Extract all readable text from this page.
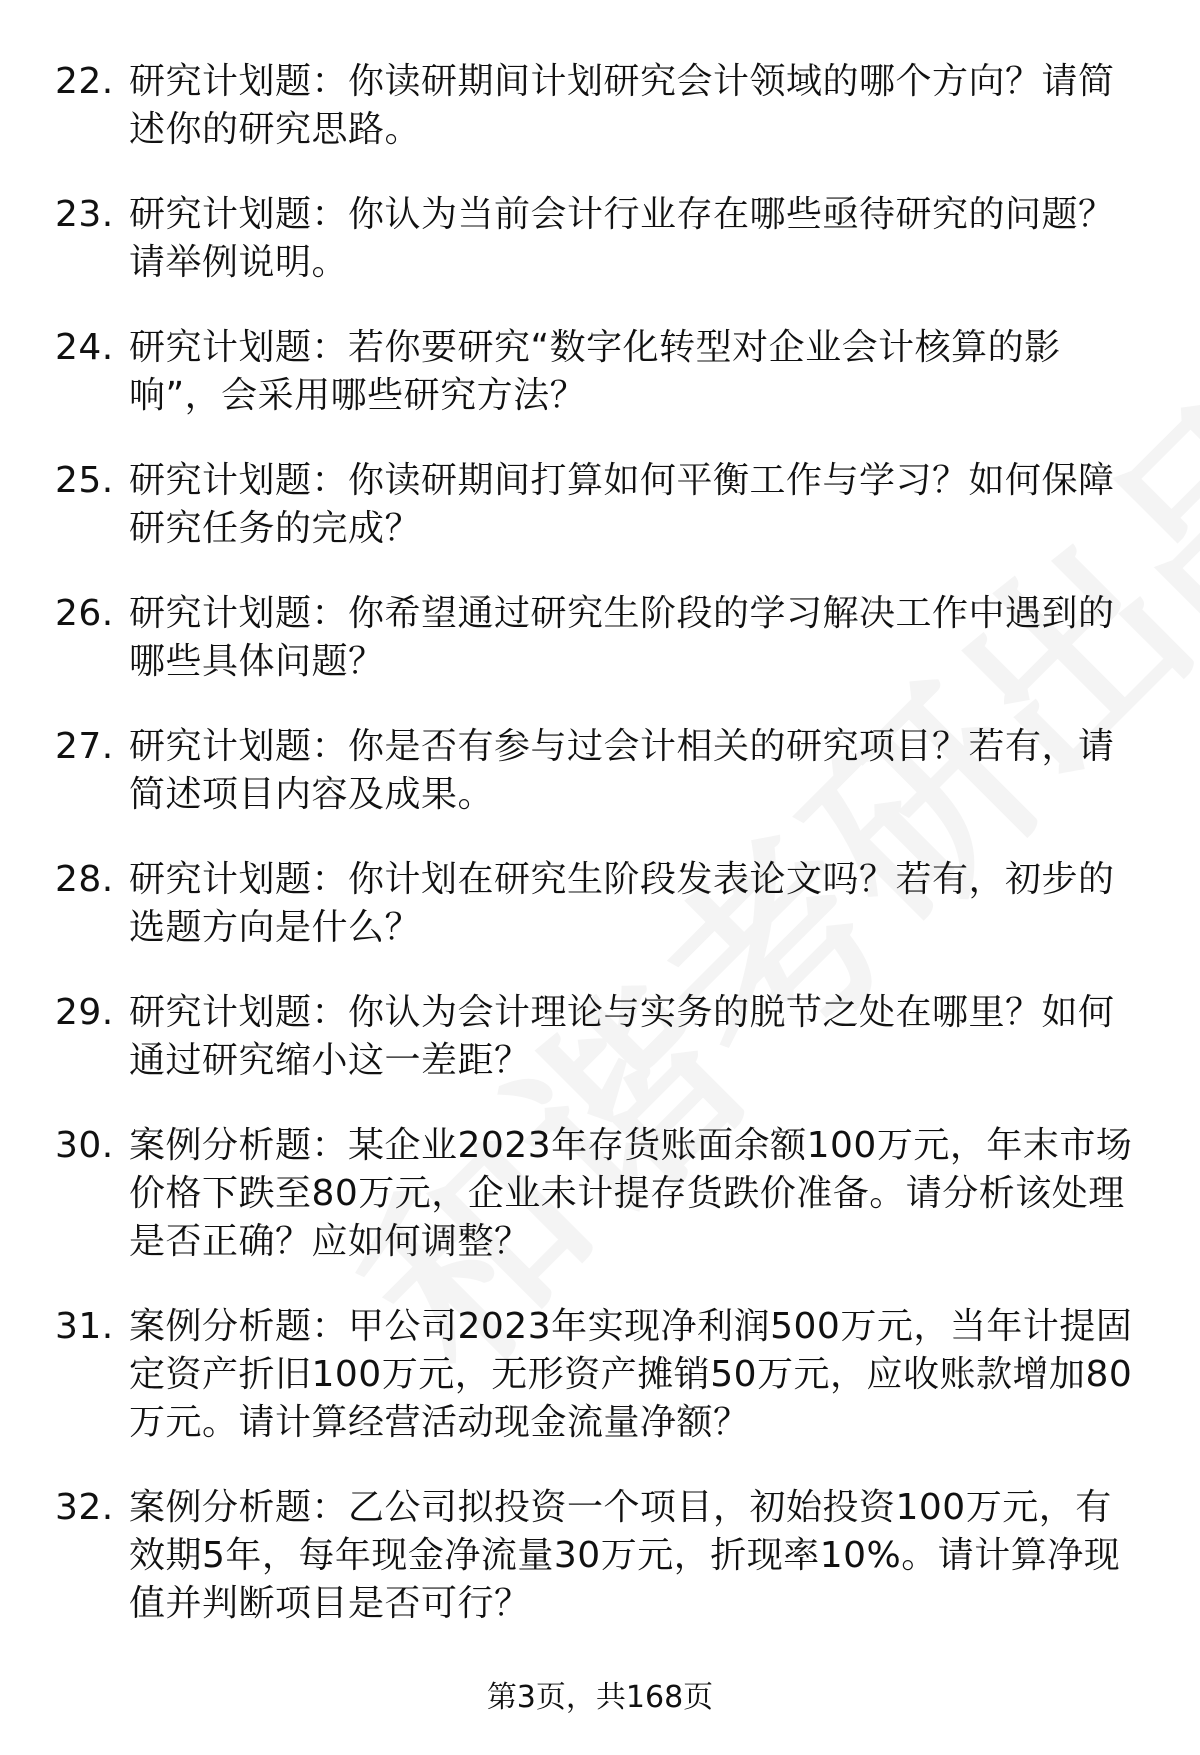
22. 研究计划题：你读研期间计划研究会计领域的哪个方向？请简述你的研究思路。
23. 研究计划题：你认为当前会计行业存在哪些亟待研究的问题？请举例说明。
24. 研究计划题：若你要研究“数字化转型对企业会计核算的影响”，会采用哪些研究方法？
25. 研究计划题：你读研期间打算如何平衡工作与学习？如何保障研究任务的完成？
26. 研究计划题：你希望通过研究生阶段的学习解决工作中遇到的哪些具体问题？
27. 研究计划题：你是否有参与过会计相关的研究项目？若有，请简述项目内容及成果。
28. 研究计划题：你计划在研究生阶段发表论文吗？若有，初步的选题方向是什么？
29. 研究计划题：你认为会计理论与实务的脱节之处在哪里？如何通过研究缩小这一差距？
30. 案例分析题：某企业2023年存货账面余额100万元，年末市场价格下跌至80万元，企业未计提存货跌价准备。请分析该处理是否正确？应如何调整？
31. 案例分析题：甲公司2023年实现净利润500万元，当年计提固定资产折旧100万元，无形资产摊销50万元，应收账款增加80万元。请计算经营活动现金流量净额？
32. 案例分析题：乙公司拟投资一个项目，初始投资100万元，有效期5年，每年现金净流量30万元，折现率10%。请计算净现值并判断项目是否可行？
第3页，共168页
